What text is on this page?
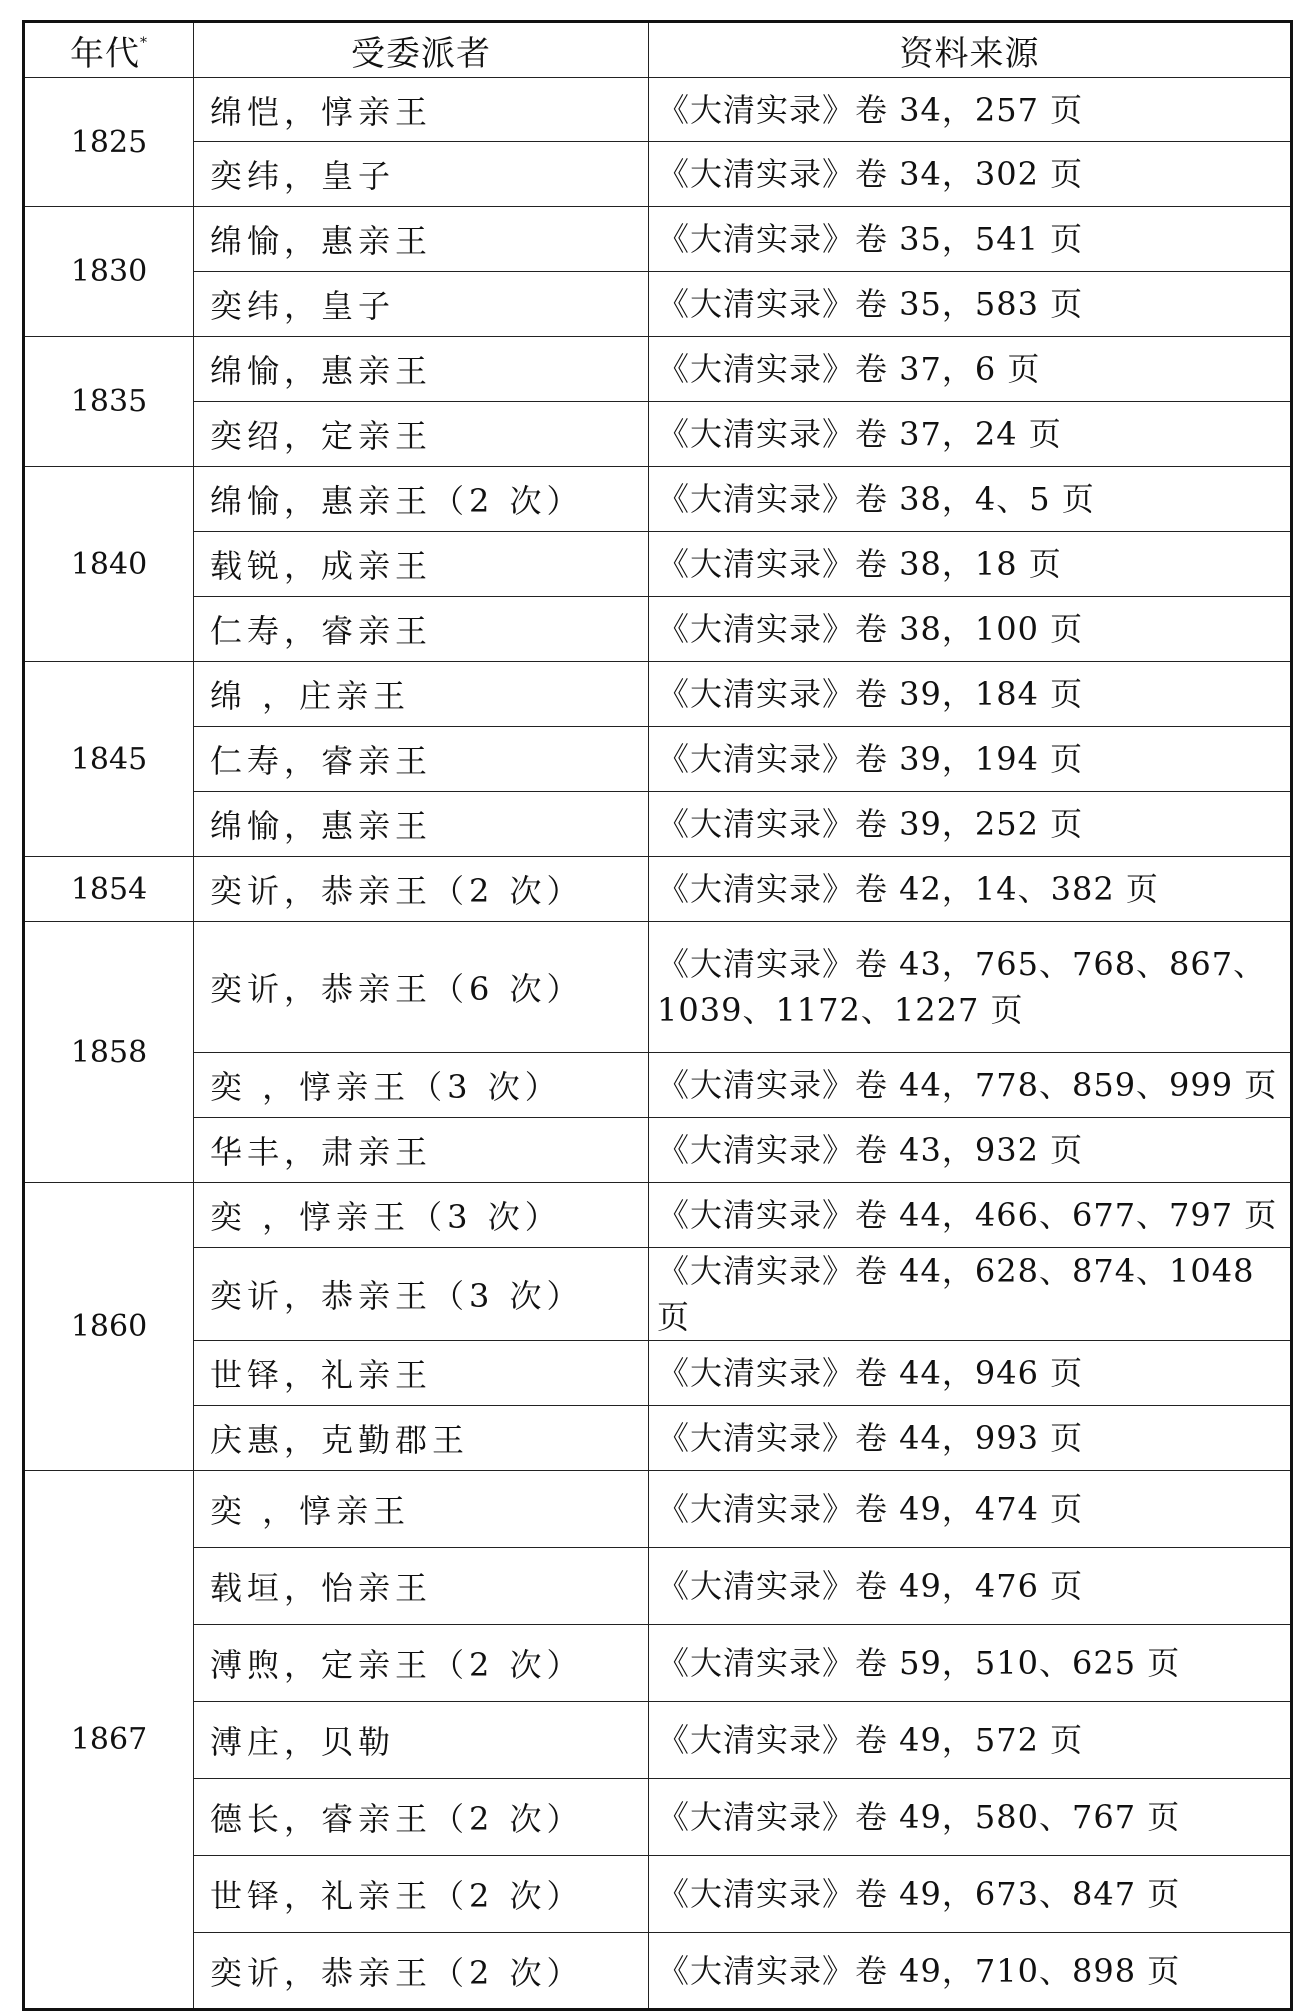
年代*	受委派者	资料来源
1825	绵恺，惇亲王	《大清实录》卷 34，257 页
	奕纬，皇子	《大清实录》卷 34，302 页
1830	绵愉，惠亲王	《大清实录》卷 35，541 页
	奕纬，皇子	《大清实录》卷 35，583 页
1835	绵愉，惠亲王	《大清实录》卷 37，6 页
	奕绍，定亲王	《大清实录》卷 37，24 页
1840	绵愉，惠亲王（2 次）	《大清实录》卷 38，4、5 页
	载锐，成亲王	《大清实录》卷 38，18 页
	仁寿，睿亲王	《大清实录》卷 38，100 页
1845	绵 ，庄亲王	《大清实录》卷 39，184 页
	仁寿，睿亲王	《大清实录》卷 39，194 页
	绵愉，惠亲王	《大清实录》卷 39，252 页
1854	奕䜣，恭亲王（2 次）	《大清实录》卷 42，14、382 页
1858	奕䜣，恭亲王（6 次）	《大清实录》卷 43，765、768、867、1039、1172、1227 页
	奕 ，惇亲王（3 次）	《大清实录》卷 44，778、859、999 页
	华丰，肃亲王	《大清实录》卷 43，932 页
1860	奕 ，惇亲王（3 次）	《大清实录》卷 44，466、677、797 页
	奕䜣，恭亲王（3 次）	《大清实录》卷 44，628、874、1048 页
	世铎，礼亲王	《大清实录》卷 44，946 页
	庆惠，克勤郡王	《大清实录》卷 44，993 页
1867	奕 ，惇亲王	《大清实录》卷 49，474 页
	载垣，怡亲王	《大清实录》卷 49，476 页
	溥煦，定亲王（2 次）	《大清实录》卷 59，510、625 页
	溥庄，贝勒	《大清实录》卷 49，572 页
	德长，睿亲王（2 次）	《大清实录》卷 49，580、767 页
	世铎，礼亲王（2 次）	《大清实录》卷 49，673、847 页
	奕䜣，恭亲王（2 次）	《大清实录》卷 49，710、898 页
